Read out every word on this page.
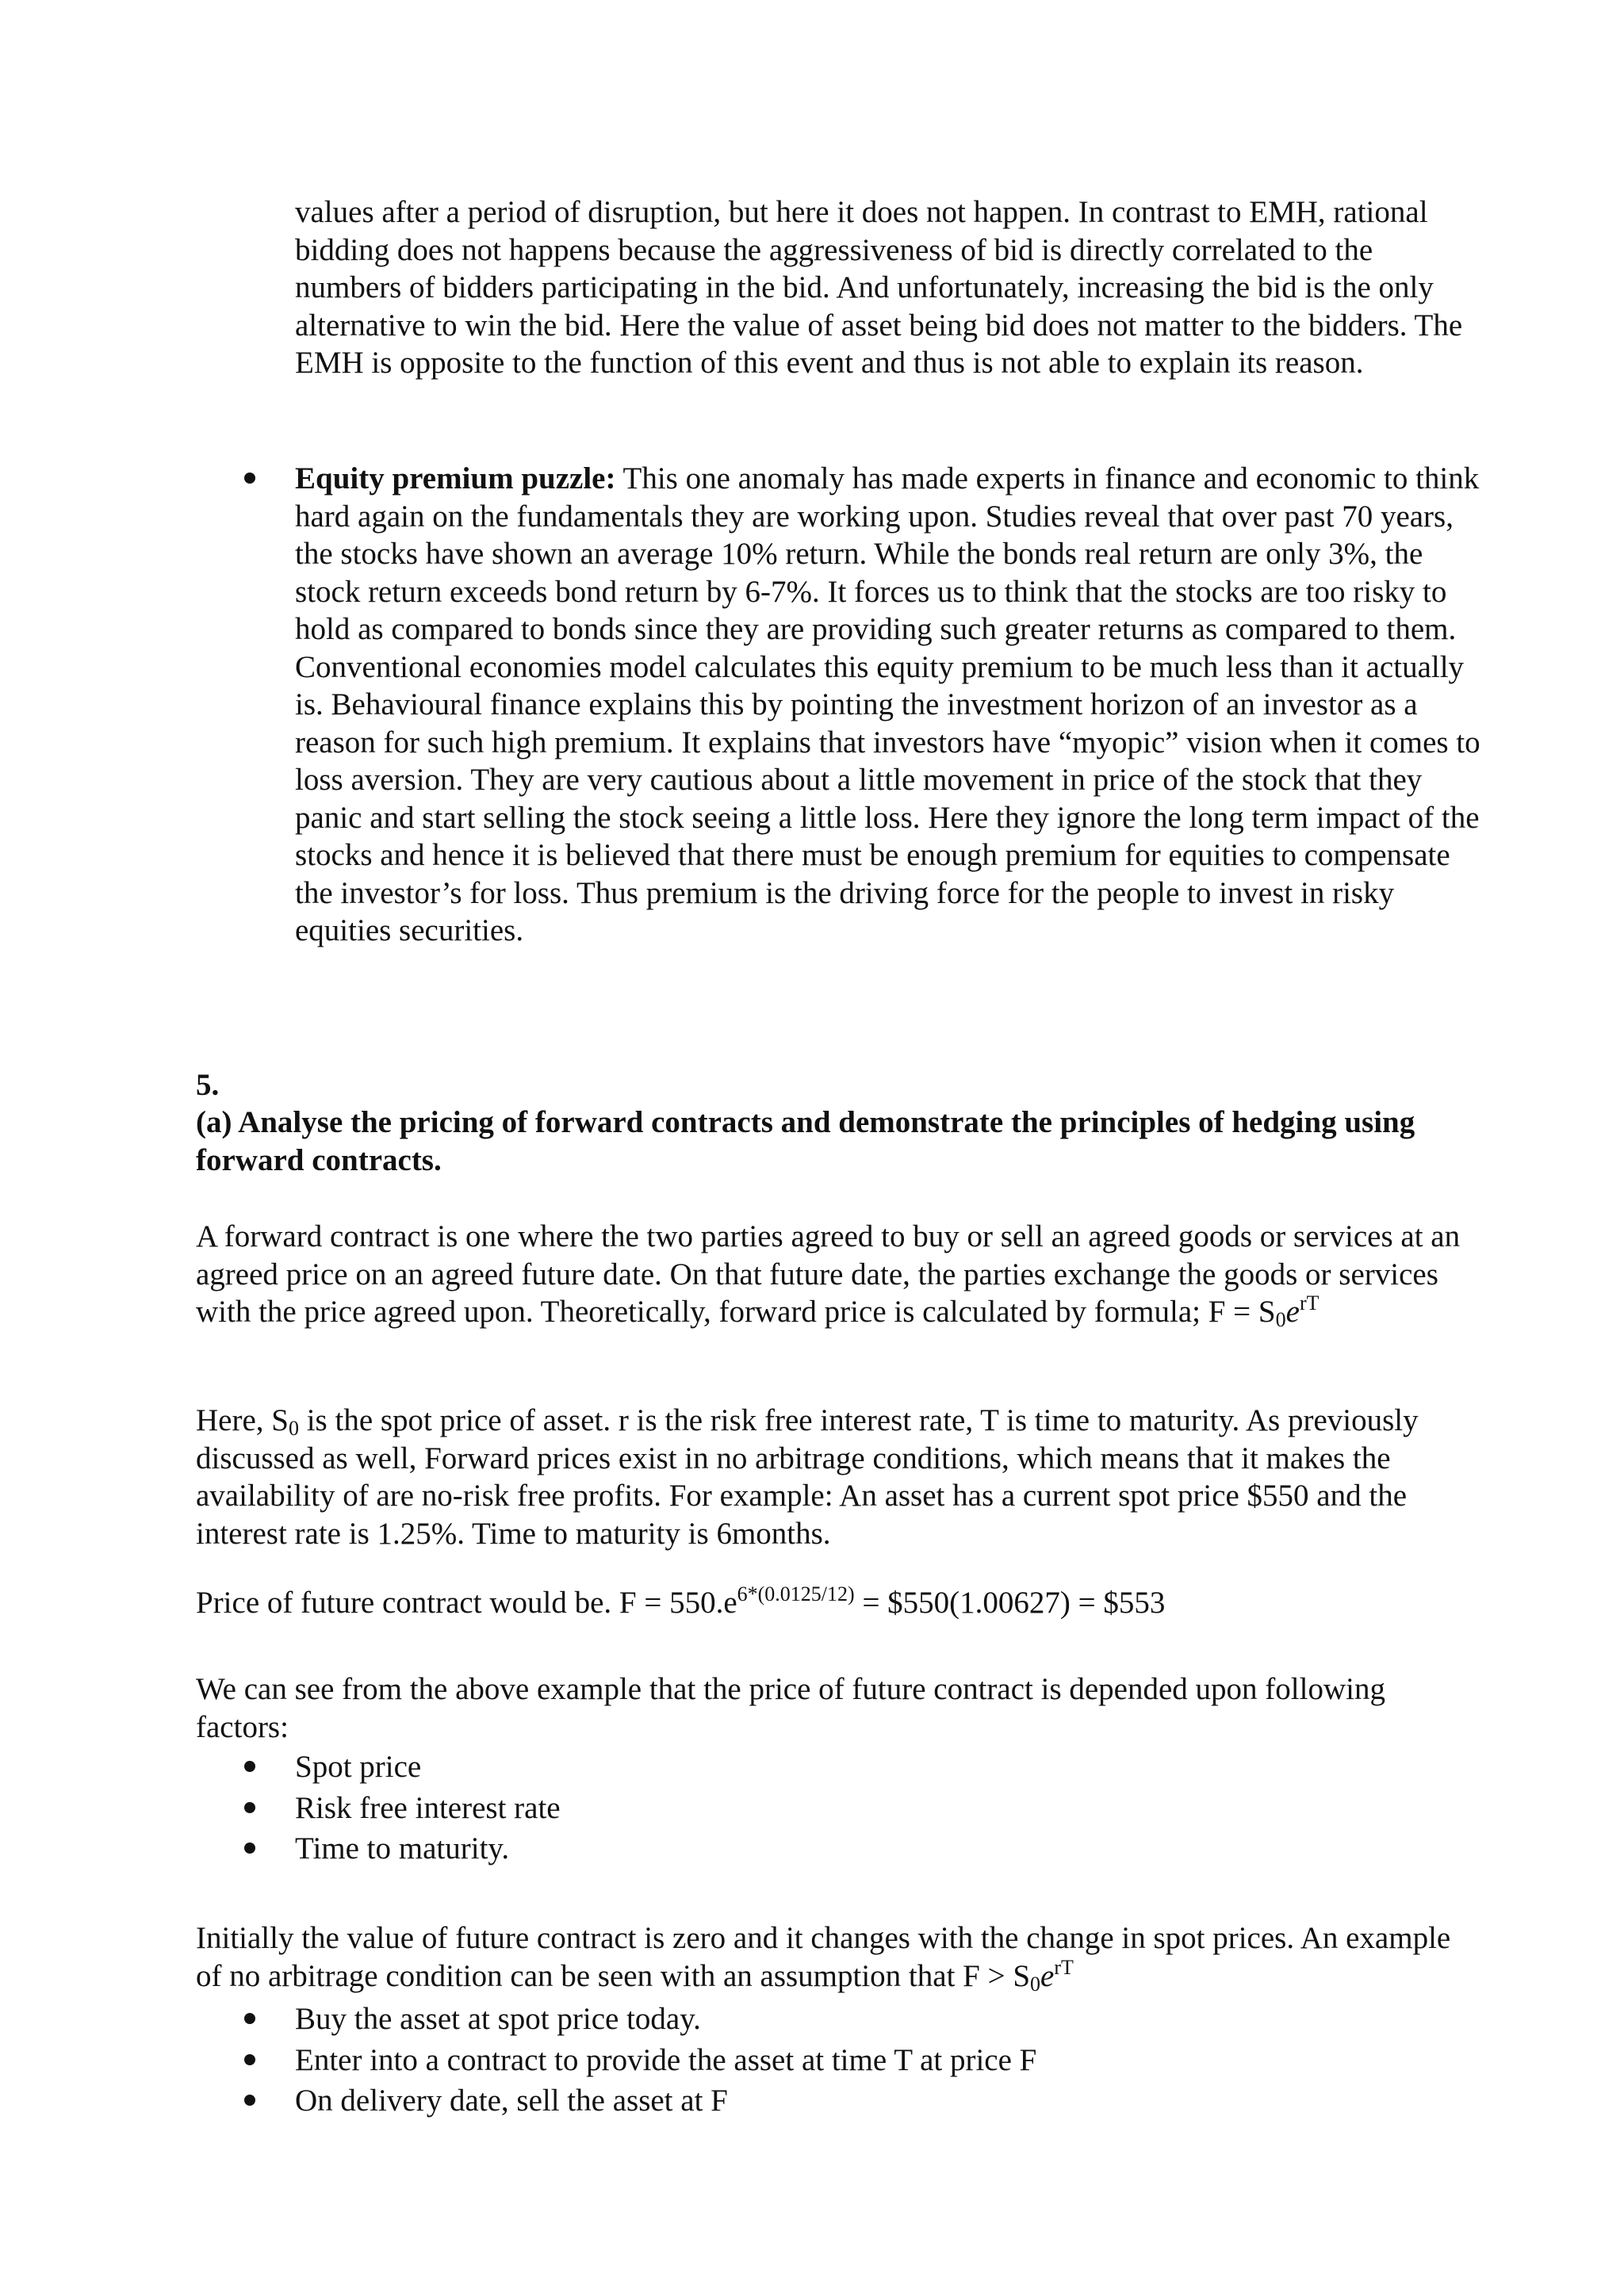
values after a period of disruption, but here it does not happen. In contrast to EMH, rational bidding does not happens because the aggressiveness of bid is directly correlated to the numbers of bidders participating in the bid. And unfortunately, increasing the bid is the only alternative to win the bid. Here the value of asset being bid does not matter to the bidders. The EMH is opposite to the function of this event and thus is not able to explain its reason.

Equity premium puzzle: This one anomaly has made experts in finance and economic to think hard again on the fundamentals they are working upon. Studies reveal that over past 70 years, the stocks have shown an average 10% return. While the bonds real return are only 3%, the stock return exceeds bond return by 6-7%. It forces us to think that the stocks are too risky to hold as compared to bonds since they are providing such greater returns as compared to them. Conventional economies model calculates this equity premium to be much less than it actually is. Behavioural finance explains this by pointing the investment horizon of an investor as a reason for such high premium. It explains that investors have “myopic” vision when it comes to loss aversion. They are very cautious about a little movement in price of the stock that they panic and start selling the stock seeing a little loss. Here they ignore the long term impact of the stocks and hence it is believed that there must be enough premium for equities to compensate the investor’s for loss. Thus premium is the driving force for the people to invest in risky equities securities.
5.
(a) Analyse the pricing of forward contracts and demonstrate the principles of hedging using forward contracts.

A forward contract is one where the two parties agreed to buy or sell an agreed goods or services at an agreed price on an agreed future date. On that future date, the parties exchange the goods or services with the price agreed upon. Theoretically, forward price is calculated by formula; $F = S_0e^{rT}$

Here, $S_0$ is the spot price of asset. r is the risk free interest rate, T is time to maturity. As previously discussed as well, Forward prices exist in no arbitrage conditions, which means that it makes the availability of are no-risk free profits. For example: An asset has a current spot price $550 and the interest rate is 1.25%. Time to maturity is 6months.

Price of future contract would be. $F = 550.e^{6*(0.0125/12)}$ = $550(1.00627) = $553

We can see from the above example that the price of future contract is depended upon following factors:

Spot price
Risk free interest rate
Time to maturity.

Initially the value of future contract is zero and it changes with the change in spot prices. An example of no arbitrage condition can be seen with an assumption that $F > S_0e^{rT}$

Buy the asset at spot price today.
Enter into a contract to provide the asset at time T at price F
On delivery date, sell the asset at F
